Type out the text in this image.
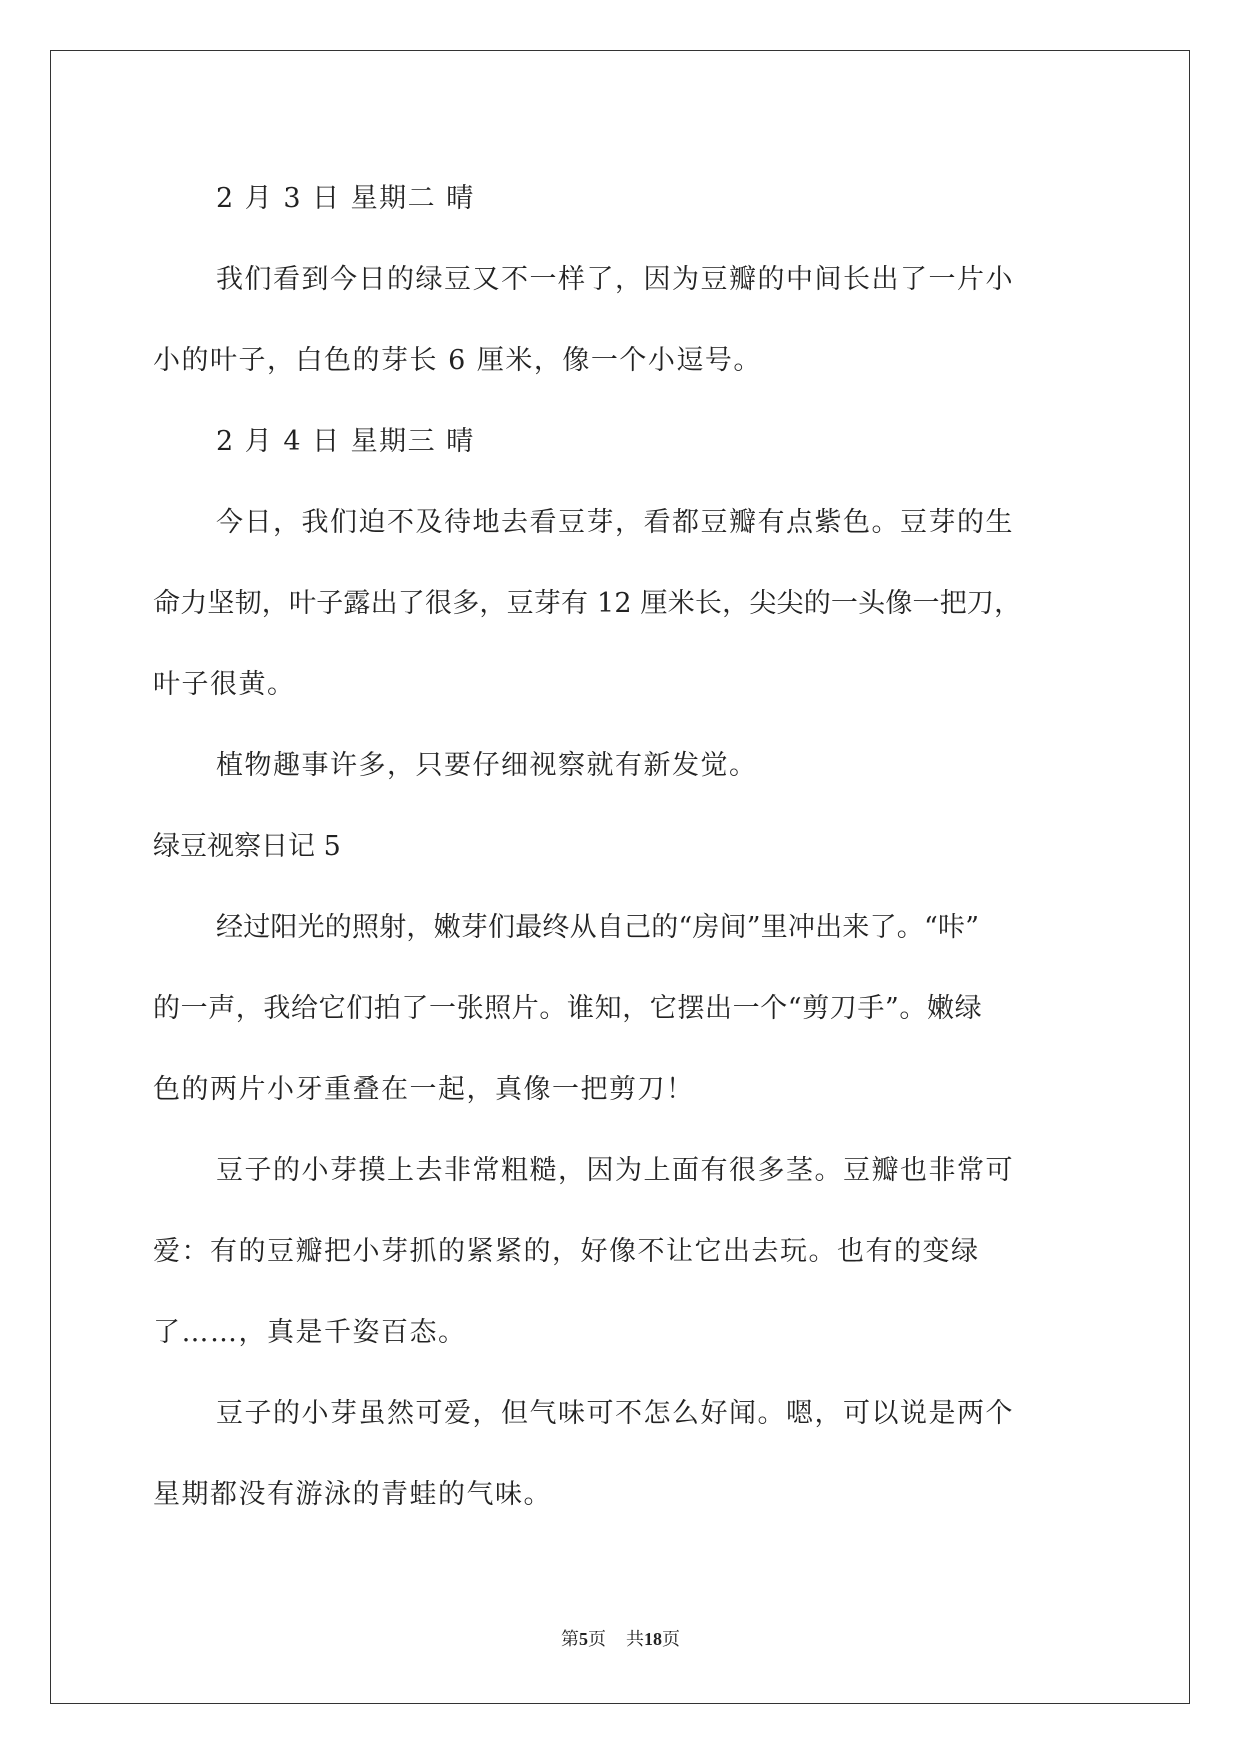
2 月 3 日 星期二 晴

我们看到今日的绿豆又不一样了，因为豆瓣的中间长出了一片小

小的叶子，白色的芽长 6 厘米，像一个小逗号。

2 月 4 日 星期三 晴

今日，我们迫不及待地去看豆芽，看都豆瓣有点紫色。豆芽的生

命力坚韧，叶子露出了很多，豆芽有 12 厘米长，尖尖的一头像一把刀，

叶子很黄。

植物趣事许多，只要仔细视察就有新发觉。

绿豆视察日记 5

经过阳光的照射，嫩芽们最终从自己的“房间”里冲出来了。“咔”

的一声，我给它们拍了一张照片。谁知，它摆出一个“剪刀手”。嫩绿

色的两片小牙重叠在一起，真像一把剪刀！

豆子的小芽摸上去非常粗糙，因为上面有很多茎。豆瓣也非常可

爱：有的豆瓣把小芽抓的紧紧的，好像不让它出去玩。也有的变绿

了……，真是千姿百态。

豆子的小芽虽然可爱，但气味可不怎么好闻。嗯，可以说是两个

星期都没有游泳的青蛙的气味。

第5页 共18页
